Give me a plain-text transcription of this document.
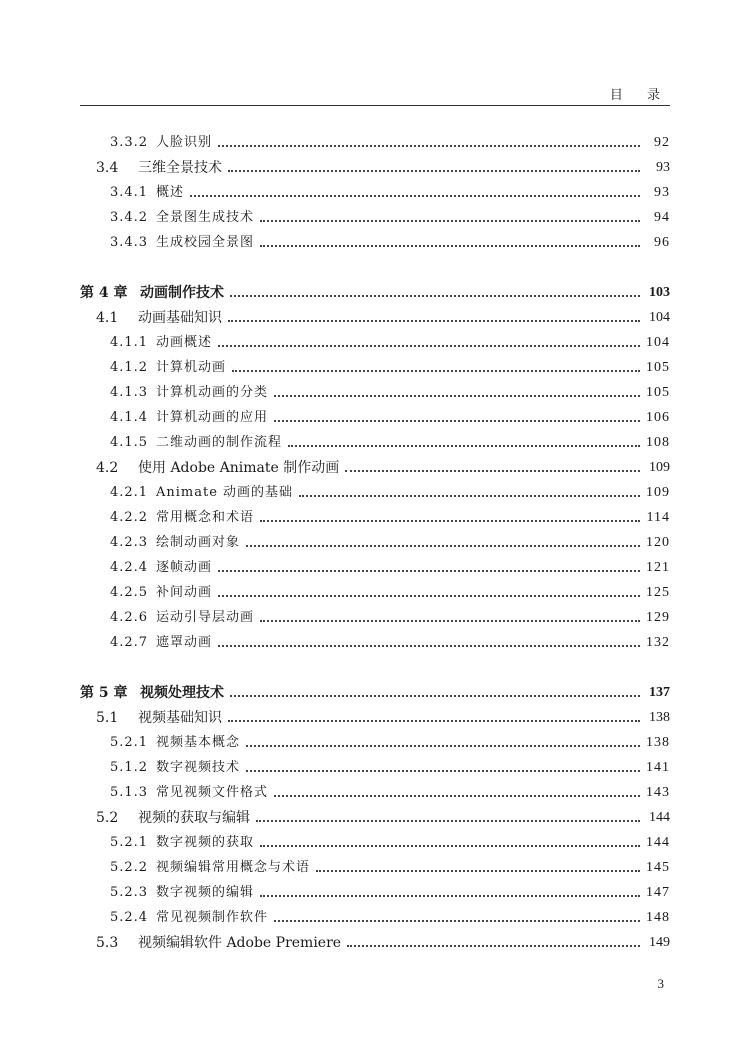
目 录
3.3.2 人脸识别	92
3.4	三维全景技术	93
3.4.1 概述	93
3.4.2 全景图生成技术	94
3.4.3 生成校园全景图	96
第 4 章 动画制作技术	103
4.1	动画基础知识	104
4.1.1 动画概述	104
4.1.2 计算机动画	105
4.1.3 计算机动画的分类	105
4.1.4 计算机动画的应用	106
4.1.5 二维动画的制作流程	108
4.2	使用 Adobe Animate 制作动画	109
4.2.1 Animate 动画的基础	109
4.2.2 常用概念和术语	114
4.2.3 绘制动画对象	120
4.2.4 逐帧动画	121
4.2.5 补间动画	125
4.2.6 运动引导层动画	129
4.2.7 遮罩动画	132
第 5 章 视频处理技术	137
5.1	视频基础知识	138
5.2.1 视频基本概念	138
5.1.2 数字视频技术	141
5.1.3 常见视频文件格式	143
5.2	视频的获取与编辑	144
5.2.1 数字视频的获取	144
5.2.2 视频编辑常用概念与术语	145
5.2.3 数字视频的编辑	147
5.2.4 常见视频制作软件	148
5.3	视频编辑软件 Adobe Premiere	149
3
